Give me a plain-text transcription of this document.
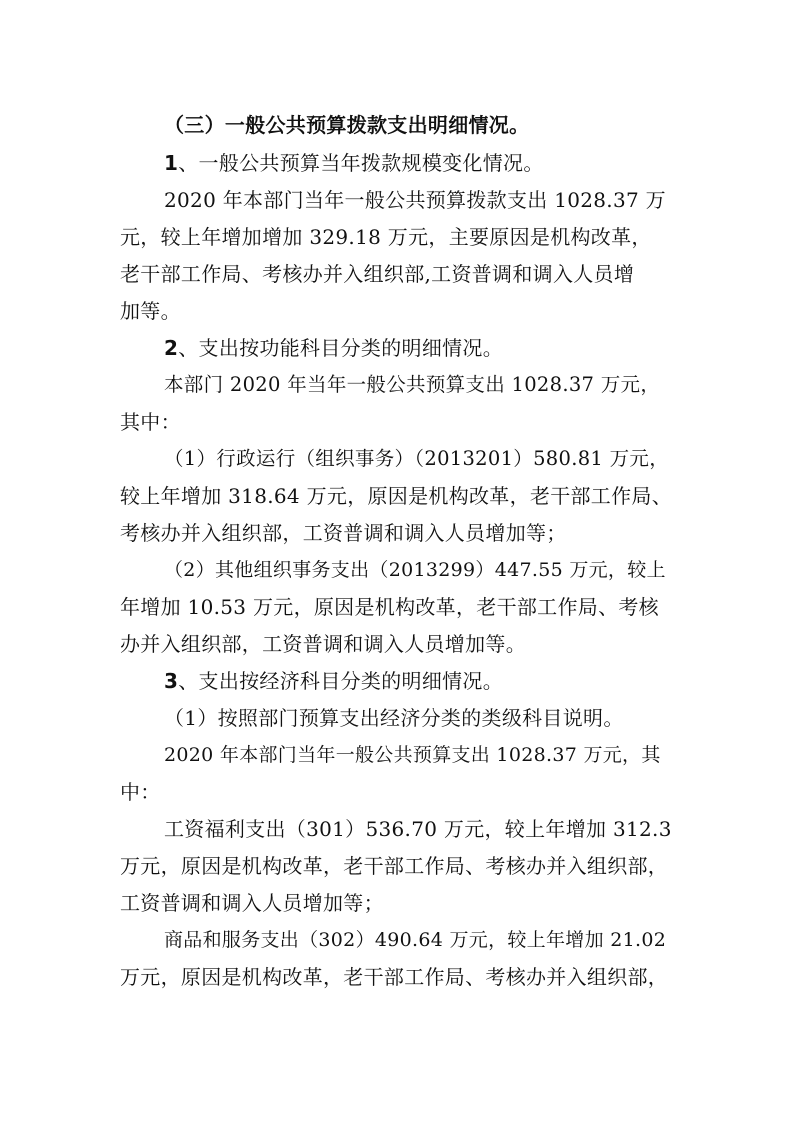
（三）一般公共预算拨款支出明细情况。
1、一般公共预算当年拨款规模变化情况。
2020 年本部门当年一般公共预算拨款支出 1028.37 万
元，较上年增加增加 329.18 万元，主要原因是机构改革，
老干部工作局、考核办并入组织部,工资普调和调入人员增
加等。
2、支出按功能科目分类的明细情况。
本部门 2020 年当年一般公共预算支出 1028.37 万元，
其中：
（1）行政运行（组织事务）（2013201）580.81 万元，
较上年增加 318.64 万元，原因是机构改革，老干部工作局、
考核办并入组织部，工资普调和调入人员增加等；
（2）其他组织事务支出（2013299）447.55 万元，较上
年增加 10.53 万元，原因是机构改革，老干部工作局、考核
办并入组织部，工资普调和调入人员增加等。
3、支出按经济科目分类的明细情况。
（1）按照部门预算支出经济分类的类级科目说明。
2020 年本部门当年一般公共预算支出 1028.37 万元，其
中：
工资福利支出（301）536.70 万元，较上年增加 312.3
万元，原因是机构改革，老干部工作局、考核办并入组织部，
工资普调和调入人员增加等；
商品和服务支出（302）490.64 万元，较上年增加 21.02
万元，原因是机构改革，老干部工作局、考核办并入组织部，
